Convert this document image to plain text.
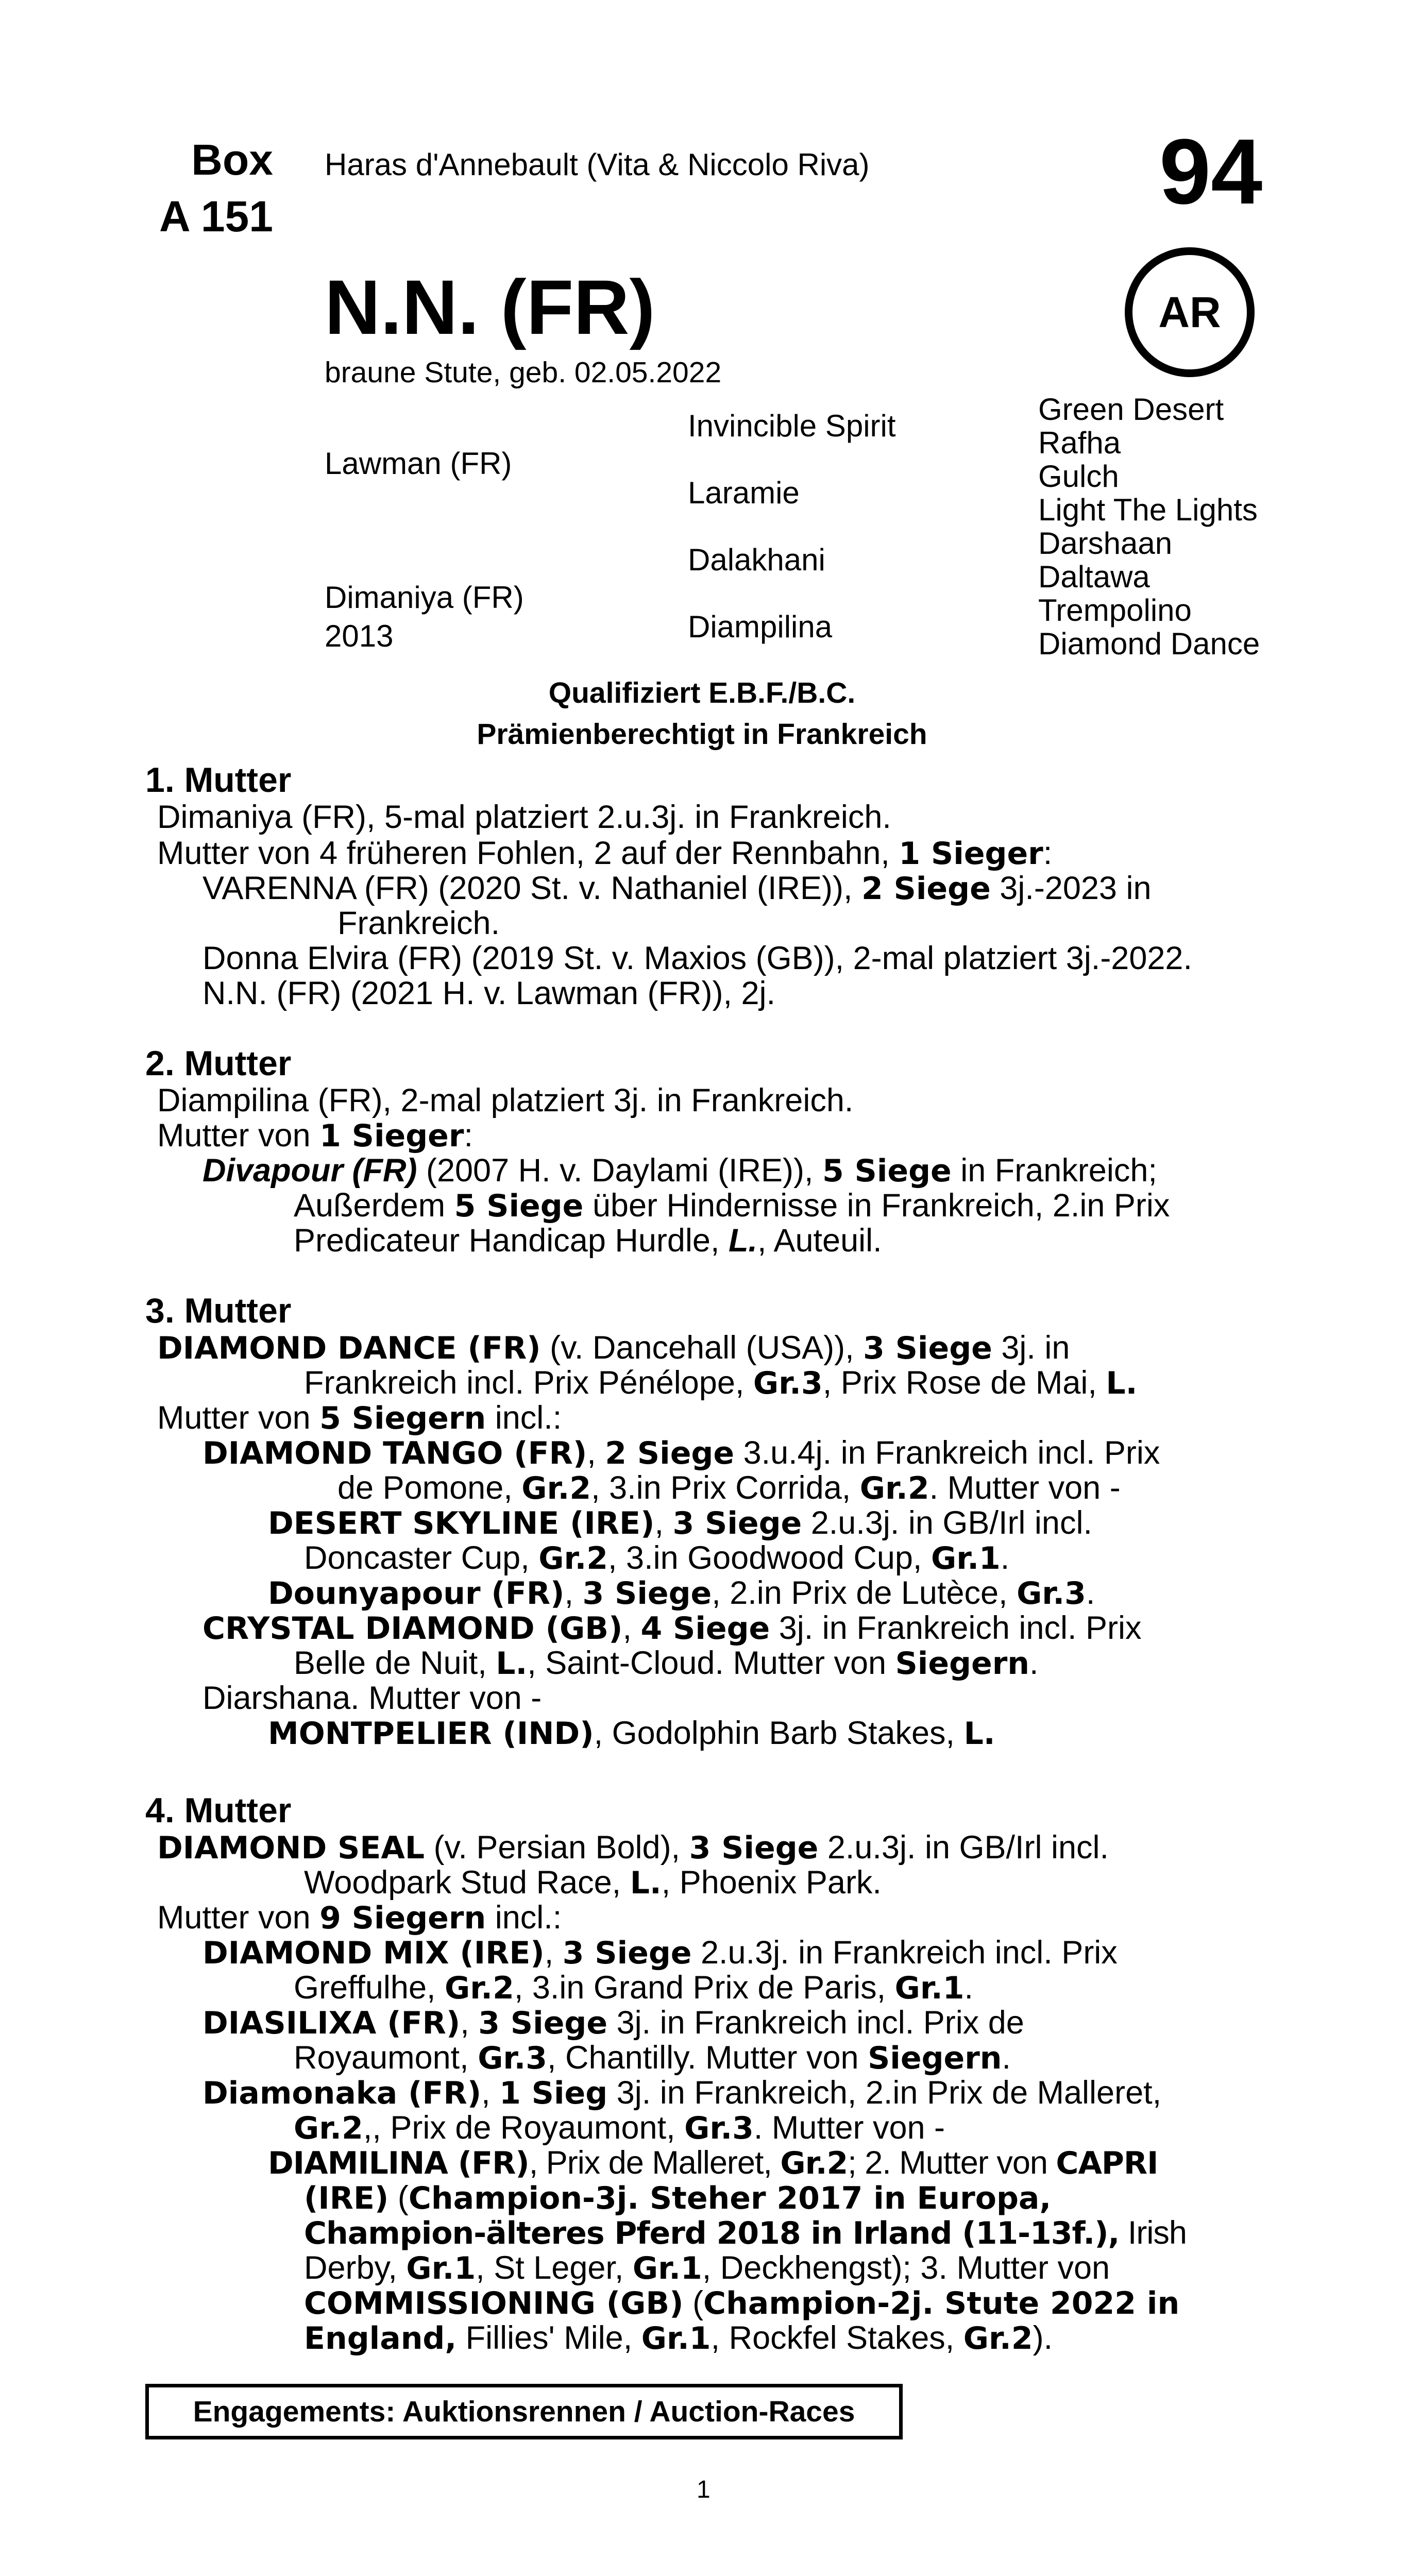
Box
A 151
Haras d'Annebault (Vita & Niccolo Riva)	94
AR
N.N. (FR)
braune Stute, geb. 02.05.2022
Lawman (FR)
Dimaniya (FR)
2013
Invincible Spirit
Laramie
Dalakhani
Diampilina
Green Desert
Rafha
Gulch
Light The Lights
Darshaan
Daltawa
Trempolino
Diamond Dance
Qualifiziert E.B.F./B.C.
Prämienberechtigt in Frankreich
1. Mutter
Dimaniya (FR), 5-mal platziert 2.u.3j. in Frankreich.
Mutter von 4 früheren Fohlen, 2 auf der Rennbahn, 1 Sieger:
VARENNA (FR) (2020 St. v. Nathaniel (IRE)), 2 Siege 3j.-2023 in
Frankreich.
Donna Elvira (FR) (2019 St. v. Maxios (GB)), 2-mal platziert 3j.-2022.
N.N. (FR) (2021 H. v. Lawman (FR)), 2j.
2. Mutter
Diampilina (FR), 2-mal platziert 3j. in Frankreich.
Mutter von 1 Sieger:
Divapour (FR) (2007 H. v. Daylami (IRE)), 5 Siege in Frankreich;
Außerdem 5 Siege über Hindernisse in Frankreich, 2.in Prix
Predicateur Handicap Hurdle, L., Auteuil.
3. Mutter
DIAMOND DANCE (FR) (v. Dancehall (USA)), 3 Siege 3j. in
Frankreich incl. Prix Pénélope, Gr.3, Prix Rose de Mai, L.
Mutter von 5 Siegern incl.:
DIAMOND TANGO (FR), 2 Siege 3.u.4j. in Frankreich incl. Prix
de Pomone, Gr.2, 3.in Prix Corrida, Gr.2. Mutter von -
DESERT SKYLINE (IRE), 3 Siege 2.u.3j. in GB/Irl incl.
Doncaster Cup, Gr.2, 3.in Goodwood Cup, Gr.1.
Dounyapour (FR), 3 Siege, 2.in Prix de Lutèce, Gr.3.
CRYSTAL DIAMOND (GB), 4 Siege 3j. in Frankreich incl. Prix
Belle de Nuit, L., Saint-Cloud. Mutter von Siegern.
Diarshana. Mutter von -
MONTPELIER (IND), Godolphin Barb Stakes, L.
4. Mutter
DIAMOND SEAL (v. Persian Bold), 3 Siege 2.u.3j. in GB/Irl incl.
Woodpark Stud Race, L., Phoenix Park.
Mutter von 9 Siegern incl.:
DIAMOND MIX (IRE), 3 Siege 2.u.3j. in Frankreich incl. Prix
Greffulhe, Gr.2, 3.in Grand Prix de Paris, Gr.1.
DIASILIXA (FR), 3 Siege 3j. in Frankreich incl. Prix de
Royaumont, Gr.3, Chantilly. Mutter von Siegern.
Diamonaka (FR), 1 Sieg 3j. in Frankreich, 2.in Prix de Malleret,
Gr.2,, Prix de Royaumont, Gr.3. Mutter von -
DIAMILINA (FR), Prix de Malleret, Gr.2; 2. Mutter von CAPRI
(IRE) (Champion-3j. Steher 2017 in Europa,
Champion-älteres Pferd 2018 in Irland (11-13f.), Irish
Derby, Gr.1, St Leger, Gr.1, Deckhengst); 3. Mutter von
COMMISSIONING (GB) (Champion-2j. Stute 2022 in
England, Fillies' Mile, Gr.1, Rockfel Stakes, Gr.2).
Engagements: Auktionsrennen / Auction-Races
1
